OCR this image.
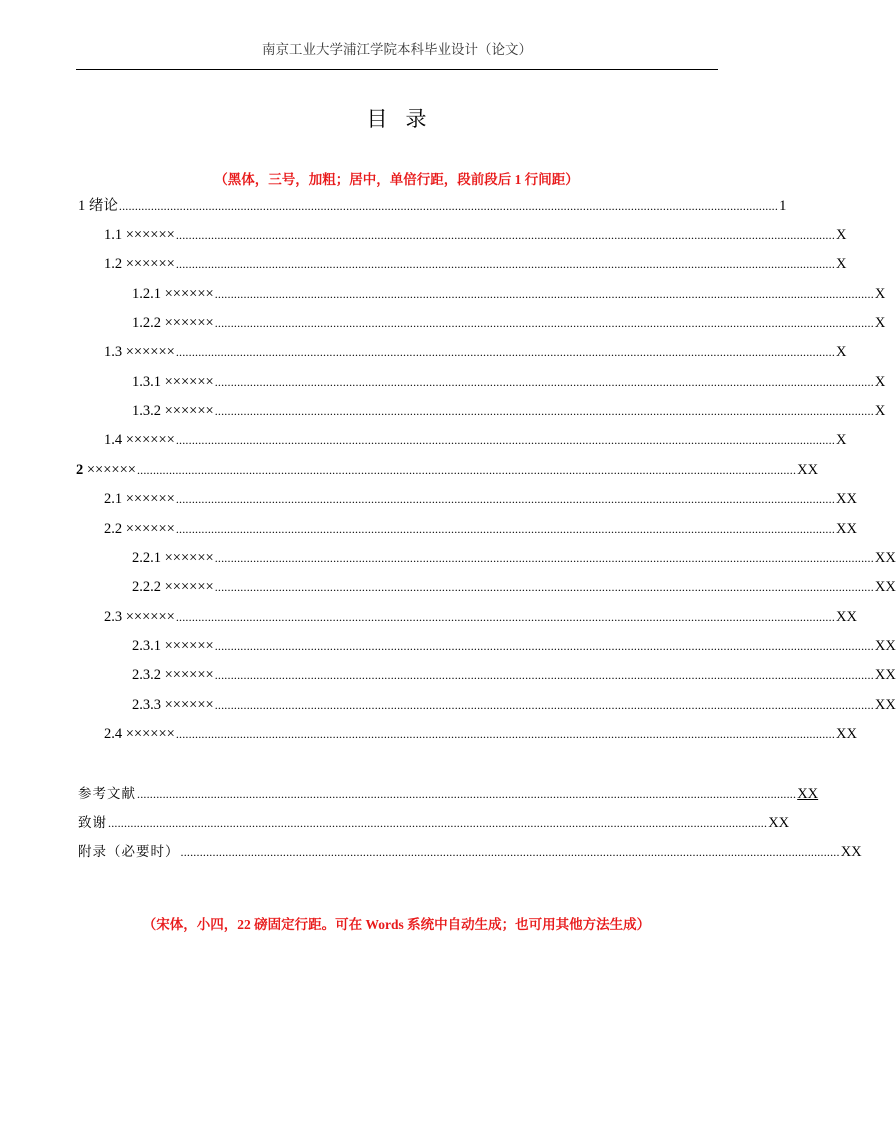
南京工业大学浦江学院本科毕业设计（论文）
目录
（黑体，三号，加粗；居中，单倍行距，段前段后 1 行间距）
1 绪论 .............................................................................................................................................................................................................. 1
1.1 ×××××× .............................................................................................................................................................................................................. X
1.2 ×××××× .............................................................................................................................................................................................................. X
1.2.1 ×××××× .............................................................................................................................................................................................................. X
1.2.2 ×××××× .............................................................................................................................................................................................................. X
1.3 ×××××× .............................................................................................................................................................................................................. X
1.3.1 ×××××× .............................................................................................................................................................................................................. X
1.3.2 ×××××× .............................................................................................................................................................................................................. X
1.4 ×××××× .............................................................................................................................................................................................................. X
2 ×××××× .............................................................................................................................................................................................................. XX
2.1 ×××××× .............................................................................................................................................................................................................. XX
2.2 ×××××× .............................................................................................................................................................................................................. XX
2.2.1 ×××××× .............................................................................................................................................................................................................. XX
2.2.2 ×××××× .............................................................................................................................................................................................................. XX
2.3 ×××××× .............................................................................................................................................................................................................. XX
2.3.1 ×××××× .............................................................................................................................................................................................................. XX
2.3.2 ×××××× .............................................................................................................................................................................................................. XX
2.3.3 ×××××× .............................................................................................................................................................................................................. XX
2.4 ×××××× .............................................................................................................................................................................................................. XX
参考文献 .............................................................................................................................................................................................................. XX
致谢 .............................................................................................................................................................................................................. XX
附录（必要时） .............................................................................................................................................................................................................. XX
（宋体，小四，22 磅固定行距。可在 Words 系统中自动生成；也可用其他方法生成）
